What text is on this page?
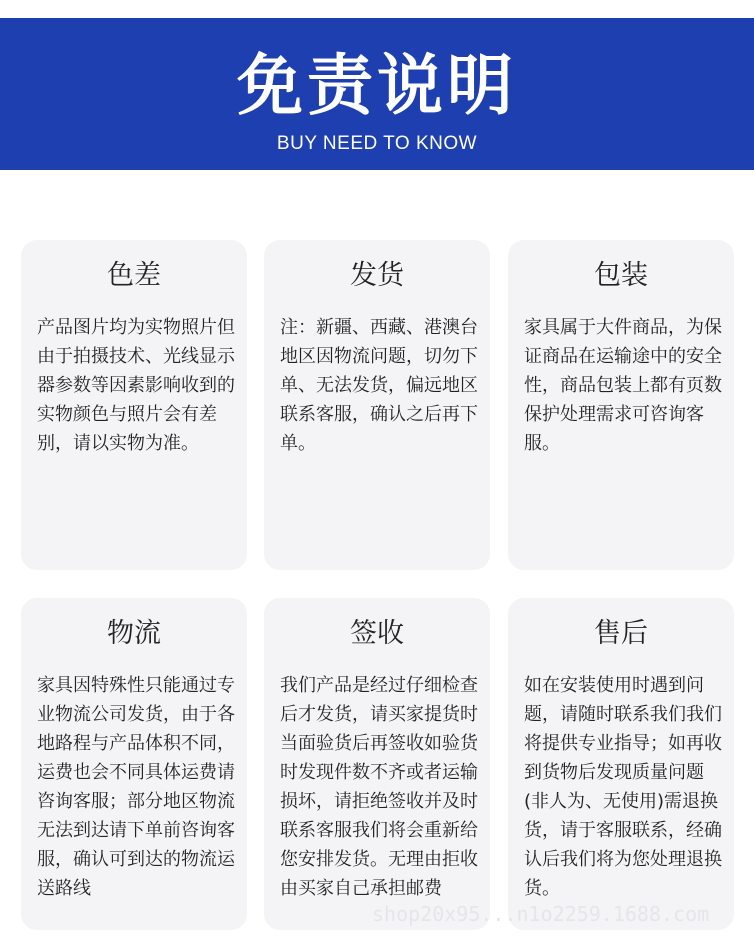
免责说明
BUY NEED TO KNOW
色差
产品图片均为实物照片但由于拍摄技术、光线显示器参数等因素影响收到的实物颜色与照片会有差别，请以实物为准。
发货
注：新疆、西藏、港澳台地区因物流问题，切勿下单、无法发货，偏远地区联系客服，确认之后再下单。
包装
家具属于大件商品，为保证商品在运输途中的安全性，商品包装上都有页数保护处理需求可咨询客服。
物流
家具因特殊性只能通过专业物流公司发货，由于各地路程与产品体积不同，运费也会不同具体运费请咨询客服；部分地区物流无法到达请下单前咨询客服，确认可到达的物流运送路线
签收
我们产品是经过仔细检查后才发货，请买家提货时当面验货后再签收如验货时发现件数不齐或者运输损坏，请拒绝签收并及时联系客服我们将会重新给您安排发货。无理由拒收由买家自己承担邮费
售后
如在安装使用时遇到问题，请随时联系我们我们将提供专业指导；如再收到货物后发现质量问题(非人为、无使用)需退换货，请于客服联系，经确认后我们将为您处理退换货。
shop20x95...n1o2259.1688.com
